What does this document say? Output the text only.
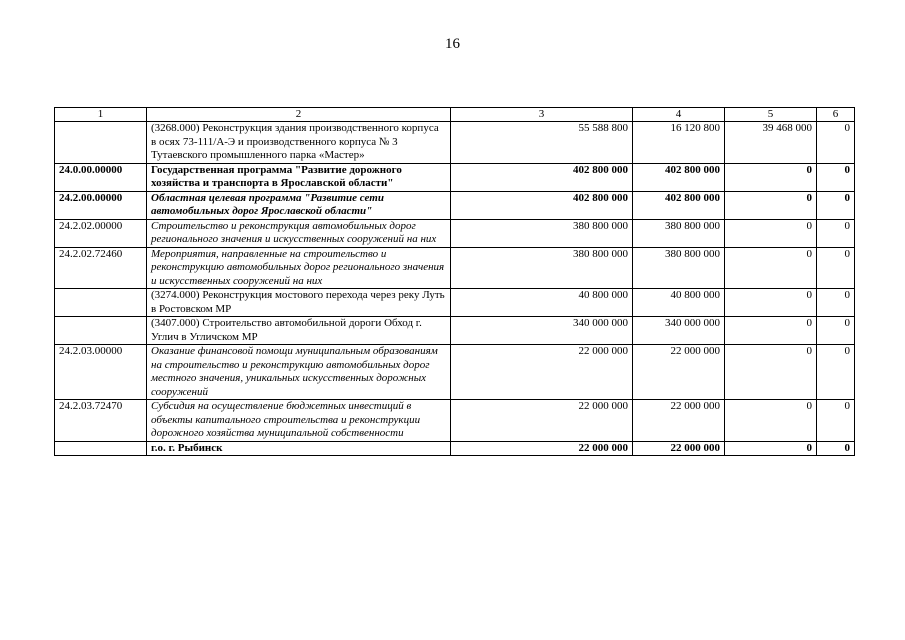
16
1	2	3	4	5	6
	(3268.000) Реконструкция здания производственного корпуса в осях 73-111/А-Э и производственного корпуса № 3 Тутаевского промышленного парка «Мастер»	55 588 800	16 120 800	39 468 000	0
24.0.00.00000	Государственная программа "Развитие дорожного хозяйства и транспорта в Ярославской области"	402 800 000	402 800 000	0	0
24.2.00.00000	Областная целевая программа "Развитие сети автомобильных дорог Ярославской области"	402 800 000	402 800 000	0	0
24.2.02.00000	Строительство и реконструкция автомобильных дорог регионального значения и искусственных сооружений на них	380 800 000	380 800 000	0	0
24.2.02.72460	Мероприятия, направленные на строительство и реконструкцию автомобильных дорог регионального значения и искусственных сооружений на них	380 800 000	380 800 000	0	0
	(3274.000) Реконструкция мостового перехода через реку Луть в Ростовском МР	40 800 000	40 800 000	0	0
	(3407.000) Строительство автомобильной дороги Обход г. Углич в Угличском МР	340 000 000	340 000 000	0	0
24.2.03.00000	Оказание финансовой помощи муниципальным образованиям на строительство и реконструкцию автомобильных дорог местного значения, уникальных искусственных дорожных сооружений	22 000 000	22 000 000	0	0
24.2.03.72470	Субсидия на осуществление бюджетных инвестиций в объекты капитального строительства и реконструкции дорожного хозяйства муниципальной собственности	22 000 000	22 000 000	0	0
	г.о. г. Рыбинск	22 000 000	22 000 000	0	0
